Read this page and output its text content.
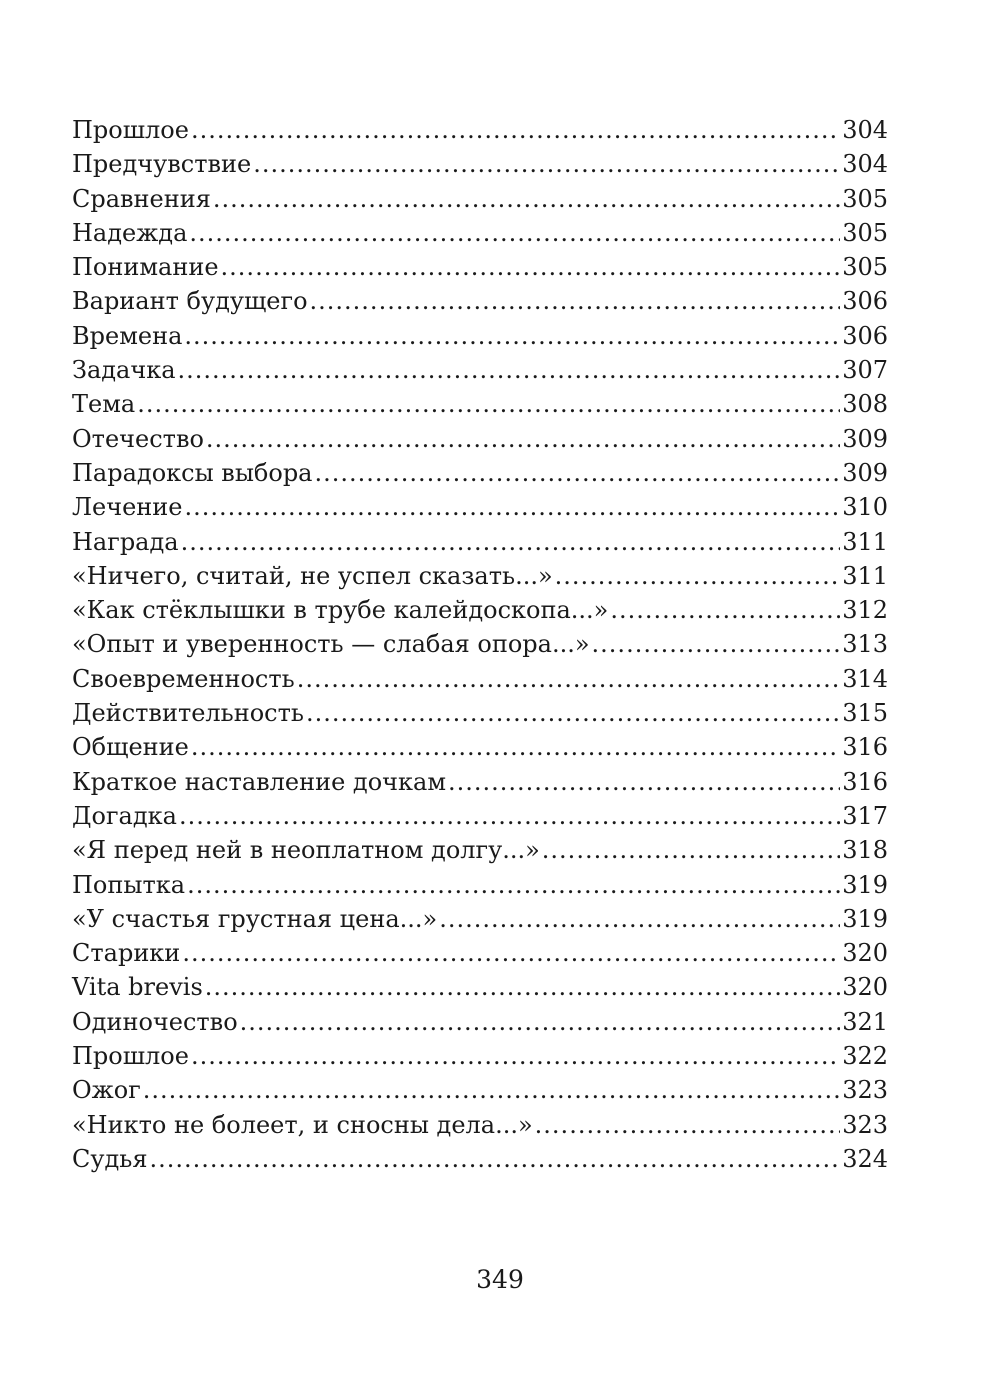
Прошлое .....	304
Предчувствие .....	304
Сравнения .....	305
Надежда .....	305
Понимание .....	305
Вариант будущего .....	306
Времена .....	306
Задачка .....	307
Тема .....	308
Отечество .....	309
Парадоксы выбора .....	309
Лечение .....	310
Награда .....	311
«Ничего, считай, не успел сказать...» .....	311
«Как стёклышки в трубе калейдоскопа...» .....	312
«Опыт и уверенность — слабая опора...» .....	313
Своевременность .....	314
Действительность .....	315
Общение .....	316
Краткое наставление дочкам .....	316
Догадка .....	317
«Я перед ней в неоплатном долгу...» .....	318
Попытка .....	319
«У счастья грустная цена...» .....	319
Старики .....	320
Vita brevis .....	320
Одиночество .....	321
Прошлое .....	322
Ожог .....	323
«Никто не болеет, и сносны дела...» .....	323
Судья .....	324
349
